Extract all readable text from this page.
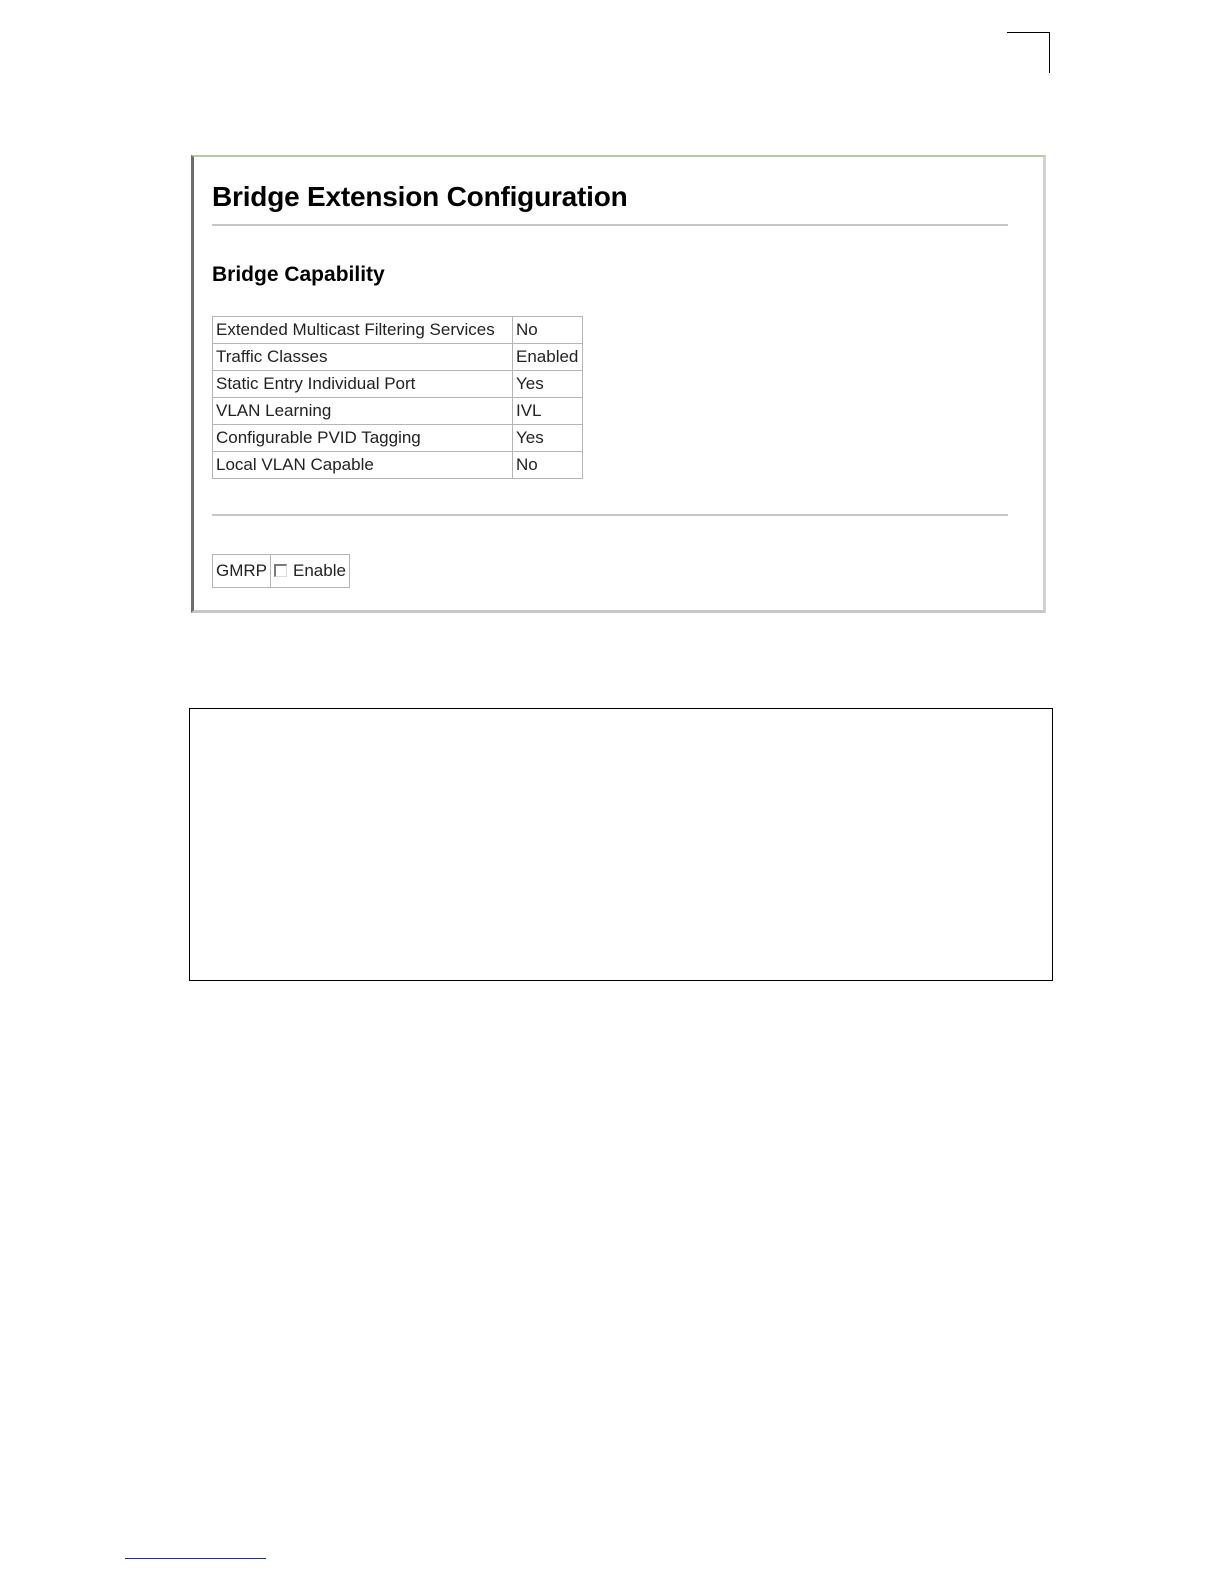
Bridge Extension Configuration
Bridge Capability
Extended Multicast Filtering Services	No
Traffic Classes	Enabled
Static Entry Individual Port	Yes
VLAN Learning	IVL
Configurable PVID Tagging	Yes
Local VLAN Capable	No
GMRP	Enable
